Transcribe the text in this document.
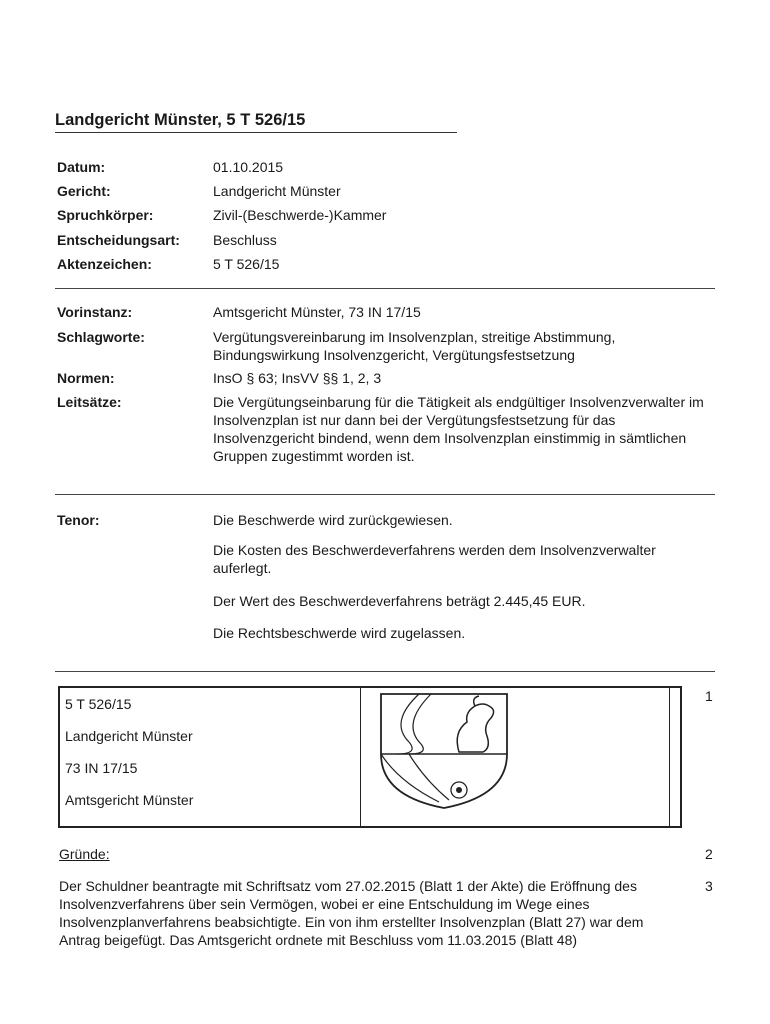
Landgericht Münster, 5 T 526/15
Datum:	01.10.2015
Gericht:	Landgericht Münster
Spruchkörper:	Zivil-(Beschwerde-)Kammer
Entscheidungsart: Beschluss
Aktenzeichen:	5 T 526/15
Vorinstanz:	Amtsgericht Münster, 73 IN 17/15
Schlagworte:	Vergütungsvereinbarung im Insolvenzplan, streitige Abstimmung, Bindungswirkung Insolvenzgericht, Vergütungsfestsetzung
Normen:	InsO § 63; InsVV §§ 1, 2, 3
Leitsätze:	Die Vergütungseinbarung für die Tätigkeit als endgültiger Insolvenzverwalter im Insolvenzplan ist nur dann bei der Vergütungsfestsetzung für das Insolvenzgericht bindend, wenn dem Insolvenzplan einstimmig in sämtlichen Gruppen zugestimmt worden ist.
Tenor:	Die Beschwerde wird zurückgewiesen.
Die Kosten des Beschwerdeverfahrens werden dem Insolvenzverwalter auferlegt.
Der Wert des Beschwerdeverfahrens beträgt 2.445,45 EUR.
Die Rechtsbeschwerde wird zugelassen.
5 T 526/15
Landgericht Münster
73 IN 17/15
Amtsgericht Münster
1
Gründe:	2
Der Schuldner beantragte mit Schriftsatz vom 27.02.2015 (Blatt 1 der Akte) die Eröffnung des Insolvenzverfahrens über sein Vermögen, wobei er eine Entschuldung im Wege eines Insolvenzplanverfahrens beabsichtigte. Ein von ihm erstellter Insolvenzplan (Blatt 27) war dem Antrag beigefügt. Das Amtsgericht ordnete mit Beschluss vom 11.03.2015 (Blatt 48)
3
